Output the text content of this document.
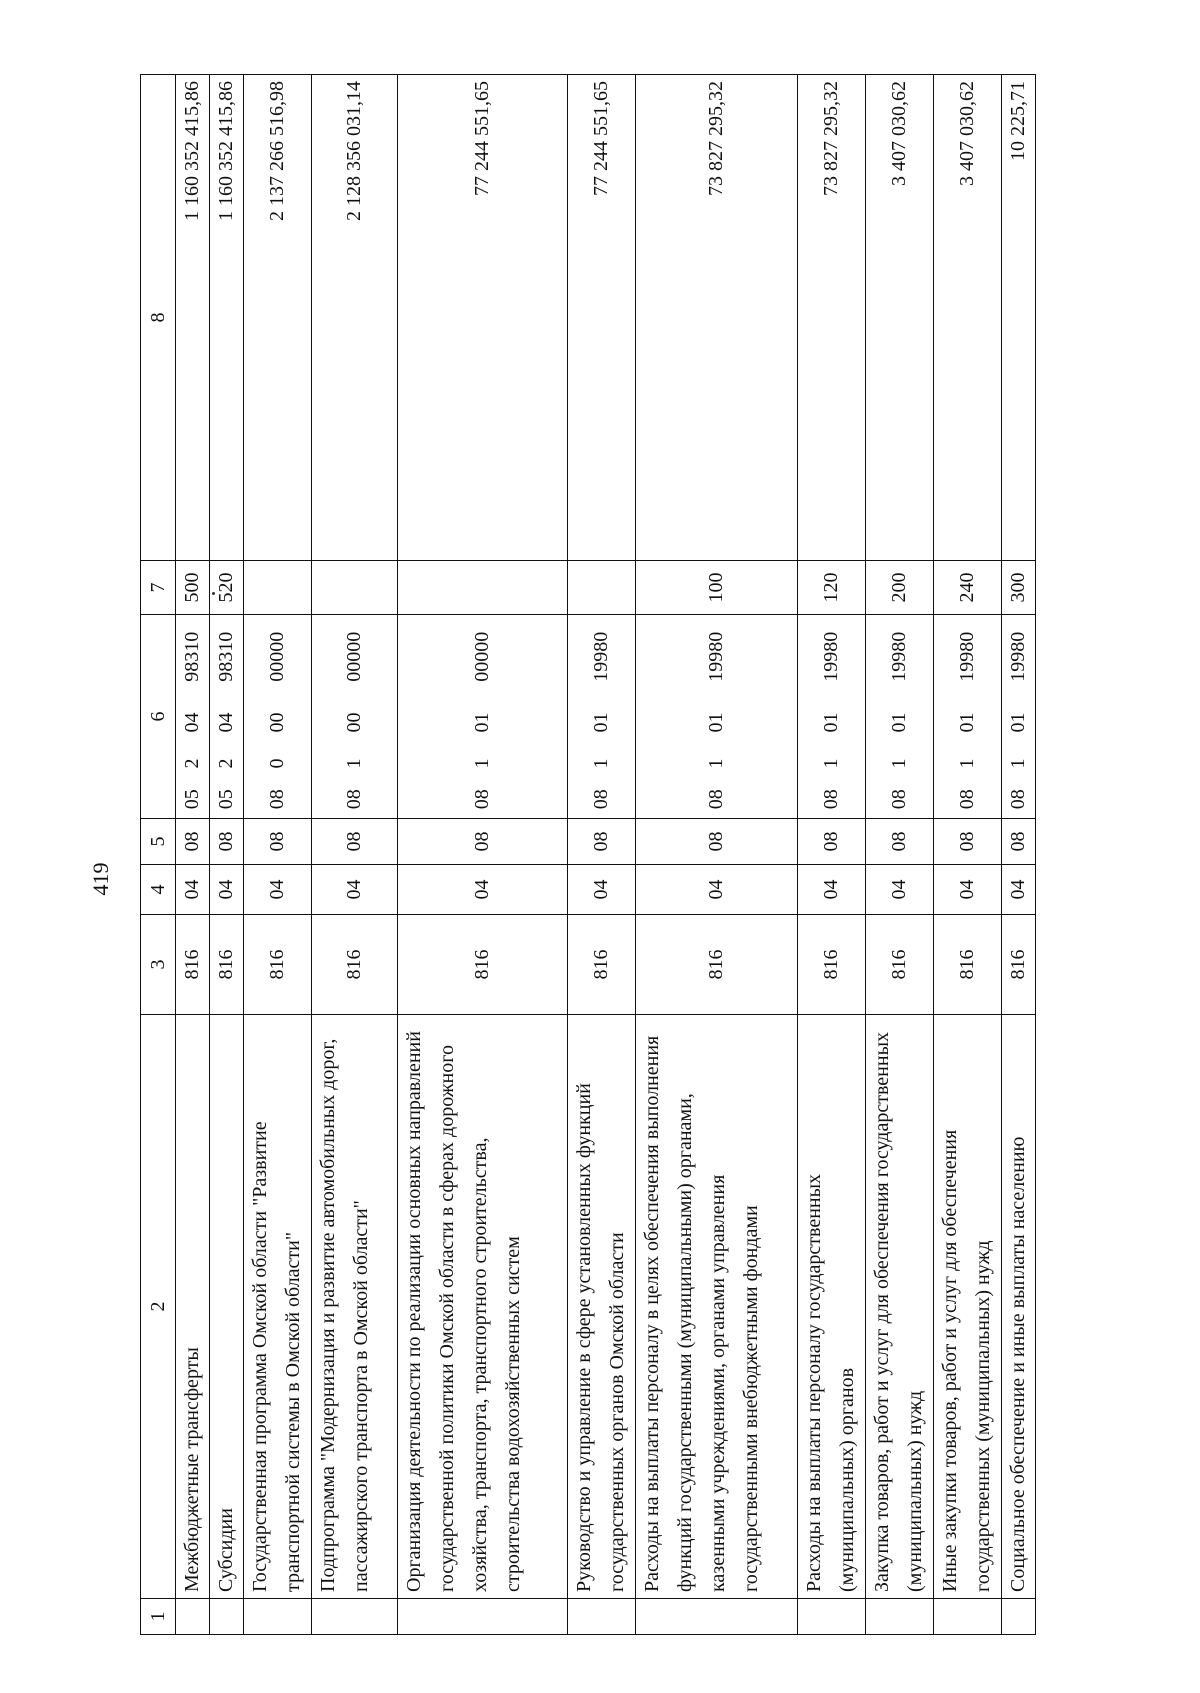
419
1	2	3	4	5	6				7	8
	Межбюджетные трансферты	816	04	08	05	2	04	98310	500	1 160 352 415,86
	Субсидии	816	04	08	05	2	04	98310	520	1 160 352 415,86
	Государственная программа Омской области "Развитие транспортной системы в Омской области"	816	04	08	08	0	00	00000		2 137 266 516,98
	Подпрограмма "Модернизация и развитие автомобильных дорог, пассажирского транспорта в Омской области"	816	04	08	08	1	00	00000		2 128 356 031,14
	Организация деятельности по реализации основных направлений государственной политики Омской области в сферах дорожного хозяйства, транспорта, транспортного строительства, строительства водохозяйственных систем	816	04	08	08	1	01	00000		77 244 551,65
	Руководство и управление в сфере установленных функций государственных органов Омской области	816	04	08	08	1	01	19980		77 244 551,65
	Расходы на выплаты персоналу в целях обеспечения выполнения функций государственными (муниципальными) органами, казенными учреждениями, органами управления государственными внебюджетными фондами	816	04	08	08	1	01	19980	100	73 827 295,32
	Расходы на выплаты персоналу государственных (муниципальных) органов	816	04	08	08	1	01	19980	120	73 827 295,32
	Закупка товаров, работ и услуг для обеспечения государственных (муниципальных) нужд	816	04	08	08	1	01	19980	200	3 407 030,62
	Иные закупки товаров, работ и услуг для обеспечения государственных (муниципальных) нужд	816	04	08	08	1	01	19980	240	3 407 030,62
	Социальное обеспечение и иные выплаты населению	816	04	08	08	1	01	19980	300	10 225,71
